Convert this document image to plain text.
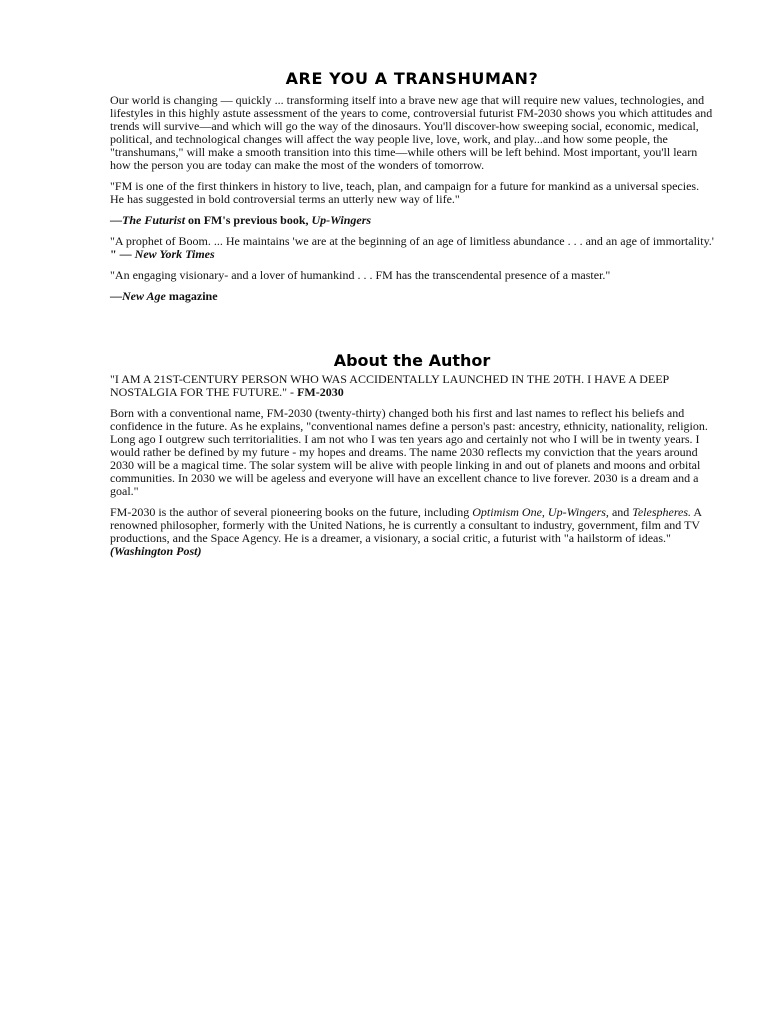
ARE YOU A TRANSHUMAN?

Our world is changing — quickly ... transforming itself into a brave new age that will require new values, technologies, and lifestyles in this highly astute assessment of the years to come, controversial futurist FM-2030 shows you which attitudes and trends will survive—and which will go the way of the dinosaurs. You'll discover-how sweeping social, economic, medical, political, and technological changes will affect the way people live, love, work, and play...and how some people, the "transhumans," will make a smooth transition into this time—while others will be left behind. Most important, you'll learn how the person you are today can make the most of the wonders of tomorrow.

"FM is one of the first thinkers in history to live, teach, plan, and campaign for a future for mankind as a universal species. He has suggested in bold controversial terms an utterly new way of life."

—The Futurist on FM's previous book, Up-Wingers

"A prophet of Boom. ... He maintains 'we are at the beginning of an age of limitless abundance . . . and an age of immortality.' " — New York Times

"An engaging visionary- and a lover of humankind . . . FM has the transcendental presence of a master."

—New Age magazine

About the Author

"I AM A 21ST-CENTURY PERSON WHO WAS ACCIDENTALLY LAUNCHED IN THE 20TH. I HAVE A DEEP NOSTALGIA FOR THE FUTURE." - FM-2030

Born with a conventional name, FM-2030 (twenty-thirty) changed both his first and last names to reflect his beliefs and confidence in the future. As he explains, "conventional names define a person's past: ancestry, ethnicity, nationality, religion. Long ago I outgrew such territorialities. I am not who I was ten years ago and certainly not who I will be in twenty years. I would rather be defined by my future - my hopes and dreams. The name 2030 reflects my conviction that the years around 2030 will be a magical time. The solar system will be alive with people linking in and out of planets and moons and orbital communities. In 2030 we will be ageless and everyone will have an excellent chance to live forever. 2030 is a dream and a goal."

FM-2030 is the author of several pioneering books on the future, including Optimism One, Up-Wingers, and Telespheres. A renowned philosopher, formerly with the United Nations, he is currently a consultant to industry, government, film and TV productions, and the Space Agency. He is a dreamer, a visionary, a social critic, a futurist with "a hailstorm of ideas." (Washington Post)
